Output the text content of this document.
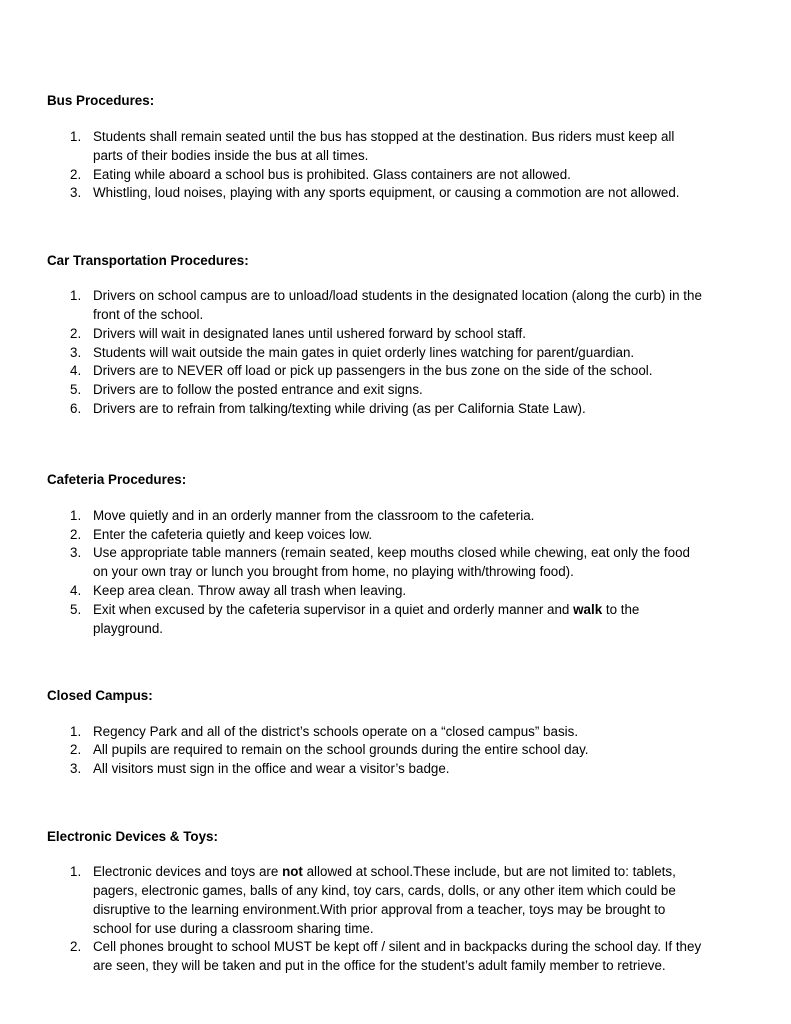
Bus Procedures:
1. Students shall remain seated until the bus has stopped at the destination. Bus riders must keep all
parts of their bodies inside the bus at all times.
2. Eating while aboard a school bus is prohibited. Glass containers are not allowed.
3. Whistling, loud noises, playing with any sports equipment, or causing a commotion are not allowed.
Car Transportation Procedures:
1. Drivers on school campus are to unload/load students in the designated location (along the curb) in the
front of the school.
2. Drivers will wait in designated lanes until ushered forward by school staff.
3. Students will wait outside the main gates in quiet orderly lines watching for parent/guardian.
4. Drivers are to NEVER off load or pick up passengers in the bus zone on the side of the school.
5. Drivers are to follow the posted entrance and exit signs.
6. Drivers are to refrain from talking/texting while driving (as per California State Law).
Cafeteria Procedures:
1. Move quietly and in an orderly manner from the classroom to the cafeteria.
2. Enter the cafeteria quietly and keep voices low.
3. Use appropriate table manners (remain seated, keep mouths closed while chewing, eat only the food
on your own tray or lunch you brought from home, no playing with/throwing food).
4. Keep area clean. Throw away all trash when leaving.
5. Exit when excused by the cafeteria supervisor in a quiet and orderly manner and walk to the
playground.
Closed Campus:
1. Regency Park and all of the district’s schools operate on a “closed campus” basis.
2. All pupils are required to remain on the school grounds during the entire school day.
3. All visitors must sign in the office and wear a visitor’s badge.
Electronic Devices & Toys:
1. Electronic devices and toys are not allowed at school.These include, but are not limited to: tablets,
pagers, electronic games, balls of any kind, toy cars, cards, dolls, or any other item which could be
disruptive to the learning environment.With prior approval from a teacher, toys may be brought to
school for use during a classroom sharing time.
2. Cell phones brought to school MUST be kept off / silent and in backpacks during the school day. If they
are seen, they will be taken and put in the office for the student’s adult family member to retrieve.
